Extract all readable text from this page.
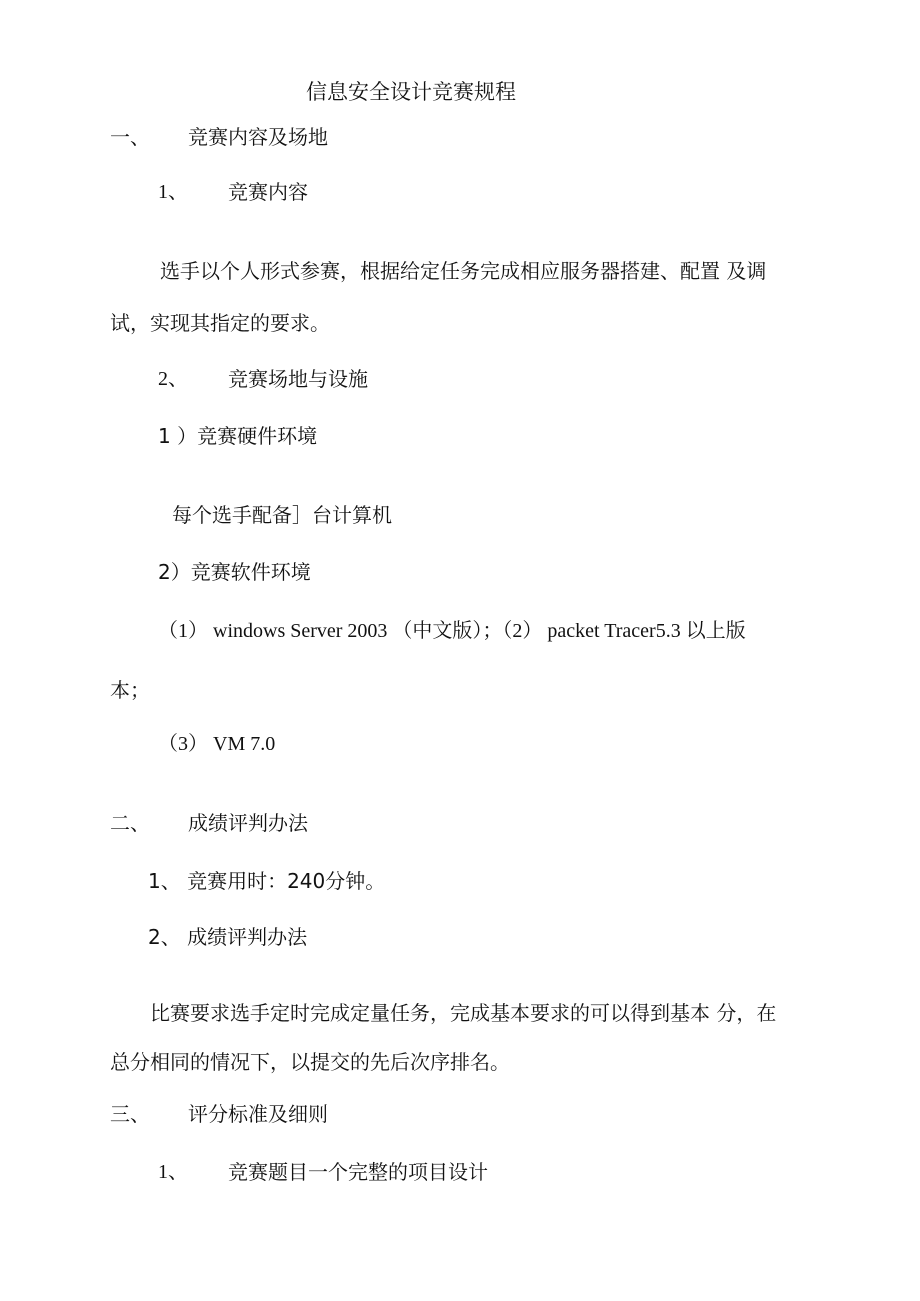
信息安全设计竞赛规程
一、 竞赛内容及场地
1、 竞赛内容
选手以个人形式参赛，根据给定任务完成相应服务器搭建、配置 及调
试，实现其指定的要求。
2、 竞赛场地与设施
1 ）竞赛硬件环境
每个选手配备］台计算机
2）竞赛软件环境
（1） windows Server 2003 （中文版）；（2） packet Tracer5.3 以上版
本；
（3） VM 7.0
二、 成绩评判办法
1、 竞赛用时：240分钟。
2、 成绩评判办法
比赛要求选手定时完成定量任务，完成基本要求的可以得到基本 分，在
总分相同的情况下，以提交的先后次序排名。
三、 评分标准及细则
1、 竞赛题目一个完整的项目设计
